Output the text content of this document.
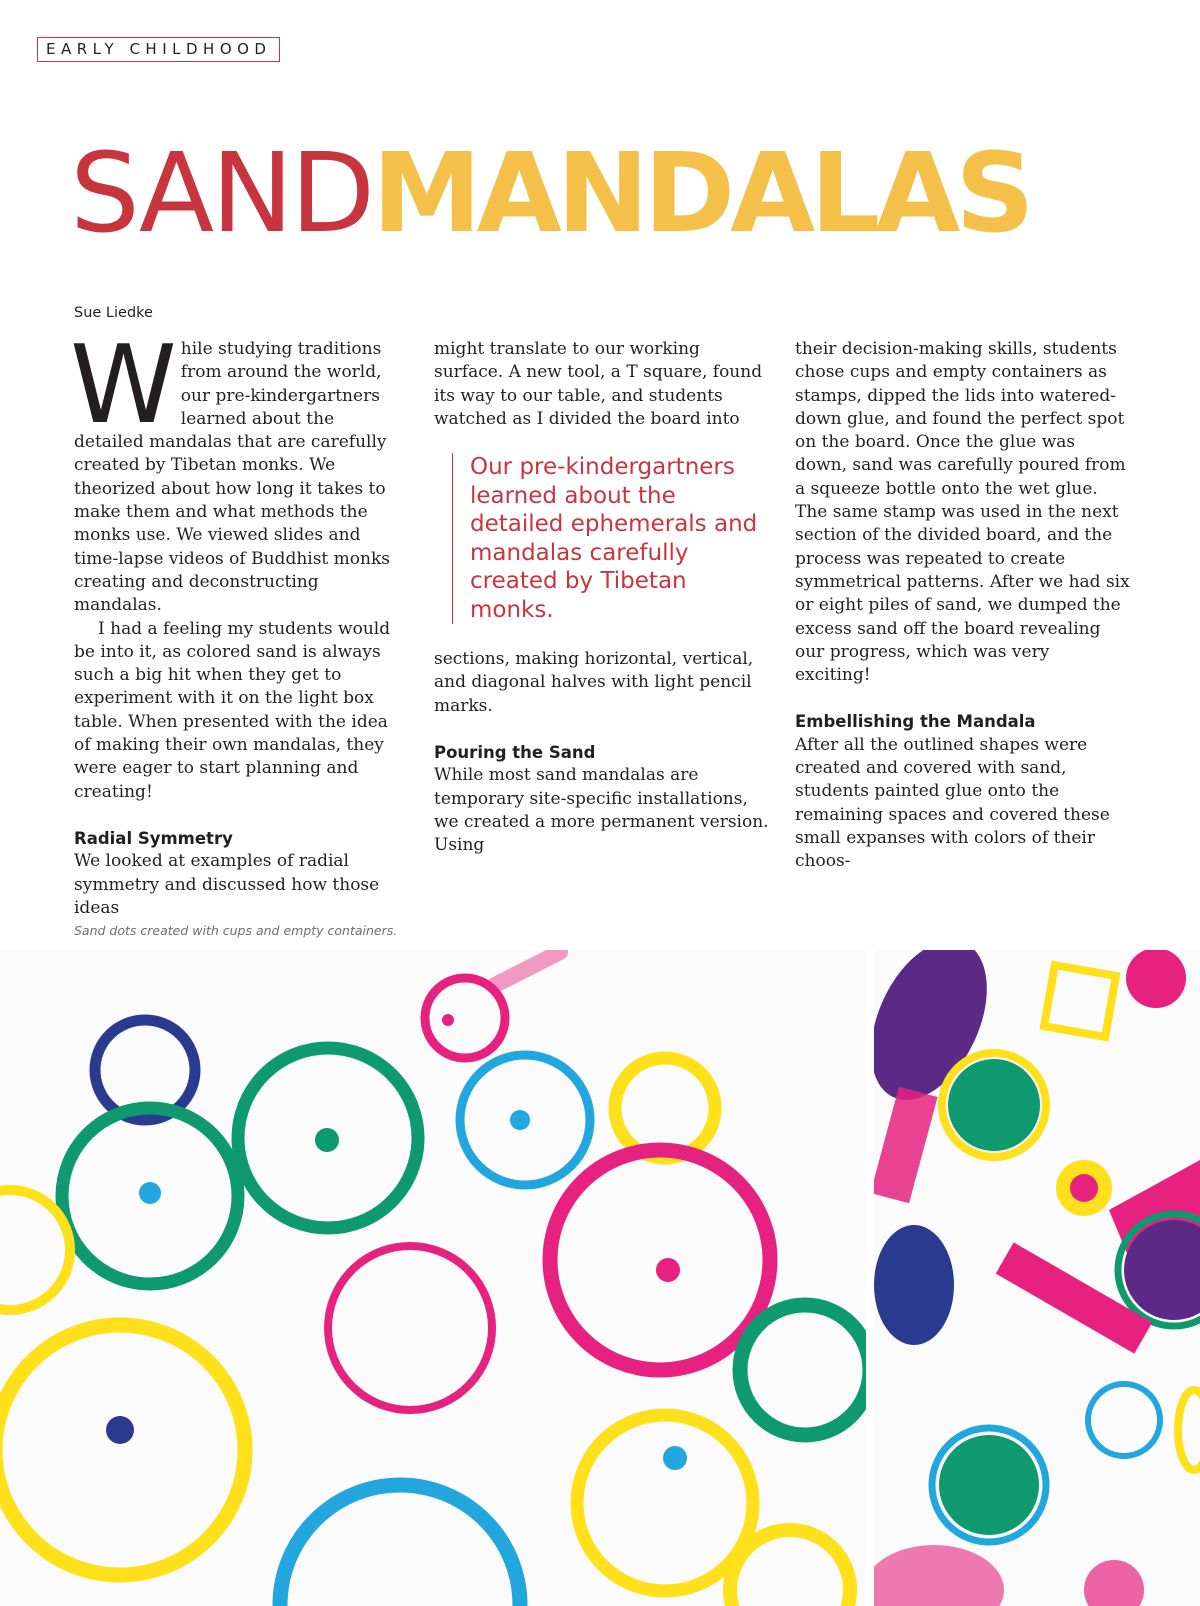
EARLY CHILDHOOD
SANDMANDALAS
Sue Liedke

While studying traditions from around the world, our pre-kindergartners learned about the detailed mandalas that are carefully created by Tibetan monks. We theorized about how long it takes to make them and what methods the monks use. We viewed slides and time-lapse videos of Buddhist monks creating and deconstructing mandalas.

I had a feeling my students would be into it, as colored sand is always such a big hit when they get to experiment with it on the light box table. When presented with the idea of making their own mandalas, they were eager to start planning and creating!

Radial Symmetry

We looked at examples of radial symmetry and discussed how those ideas

might translate to our working surface. A new tool, a T square, found its way to our table, and students watched as I divided the board into

Our pre-kindergartners learned about the detailed ephemerals and mandalas carefully created by Tibetan monks.

sections, making horizontal, vertical, and diagonal halves with light pencil marks.

Pouring the Sand

While most sand mandalas are temporary site-specific installations, we created a more permanent version. Using

their decision-making skills, students chose cups and empty containers as stamps, dipped the lids into watered-down glue, and found the perfect spot on the board. Once the glue was down, sand was carefully poured from a squeeze bottle onto the wet glue. The same stamp was used in the next section of the divided board, and the process was repeated to create symmetrical patterns. After we had six or eight piles of sand, we dumped the excess sand off the board revealing our progress, which was very exciting!

Embellishing the Mandala

After all the outlined shapes were created and covered with sand, students painted glue onto the remaining spaces and covered these small expanses with colors of their choos-

Sand dots created with cups and empty containers.
